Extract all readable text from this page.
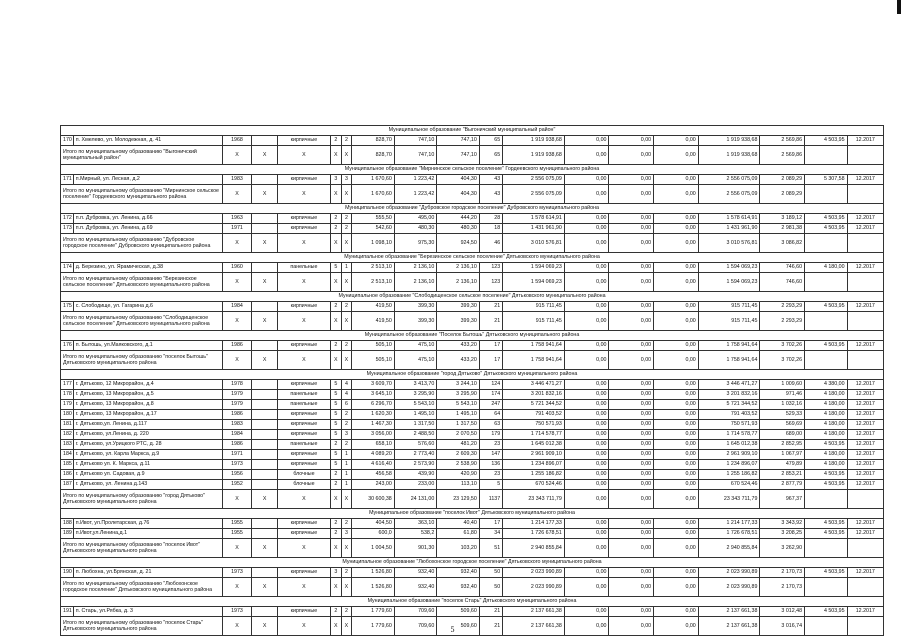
Муниципальное образование "Выгоничский муниципальный район"																		
170	п. Хмелево, ул. Молодежная, д. 41	1968		кирпичные	2	2	828,70	747,10	747,10	65	1 919 938,68	0,00	0,00	0,00	1 919 938,68	2 569,86	4 503,95	12.2017
Итого по муниципальному образованию "Выгоничский муниципальный район"		X	X	X	X	X	828,70	747,10	747,10	65	1 919 938,68	0,00	0,00	0,00	1 919 938,68	2 569,86		
Муниципальное образование "Мирнинское сельское поселение" Гордеевского муниципального района																		
171	п.Мирный, ул. Лесная, д.2	1983		кирпичные	3	3	1 670,60	1 223,42	404,30	43	2 556 075,09	0,00	0,00	0,00	2 556 075,09	2 089,29	5 307,58	12.2017
Итого по муниципальному образованию "Мирнинское сельское поселение" Гордеевского муниципального района		X	X	X	X	X	1 670,60	1 223,42	404,30	43	2 556 075,09	0,00	0,00	0,00	2 556 075,09	2 089,29		
Муниципальное образование "Дубровское городское поселение" Дубровского муниципального района																		
172	п.п. Дубровка, ул. Ленина, д.66	1963		кирпичные	2	2	555,50	495,00	444,20	28	1 578 614,91	0,00	0,00	0,00	1 578 614,91	3 189,12	4 503,95	12.2017
173	п.п. Дубровка, ул. Ленина, д.69	1971		кирпичные	2	2	542,60	480,30	480,30	18	1 431 961,90	0,00	0,00	0,00	1 431 961,90	2 981,38	4 503,95	12.2017
Итого по муниципальному образованию "Дубровское городское поселение" Дубровского муниципального района		X	X	X	X	X	1 098,10	975,30	924,50	46	3 010 576,81	0,00	0,00	0,00	3 010 576,81	3 086,82		
Муниципальное образование "Березинское сельское поселение" Дятьковского муниципального района																		
174	д. Березино, ул. Ярамическая, д.38	1960		панельные	5	1	2 513,10	2 136,10	2 136,10	123	1 594 069,23	0,00	0,00	0,00	1 594 069,23	746,60	4 180,00	12.2017
Итого по муниципальному образованию "Березинское сельское поселение" Дятьковского муниципального района		X	X	X	X	X	2 513,10	2 136,10	2 136,10	123	1 594 069,23	0,00	0,00	0,00	1 594 069,23	746,60		
Муниципальное образование "Слободищенское сельское поселение" Дятьковского муниципального района																		
175	с. Слободище, ул. Гагарина д.6	1984		кирпичные	2	2	419,50	399,30	399,30	21	915 711,45	0,00	0,00	0,00	915 711,45	2 293,29	4 503,95	12.2017
Итого по муниципальному образованию "Слободищенское сельское поселение" Дятьковского муниципального района		X	X	X	X	X	419,50	399,30	399,30	21	915 711,45	0,00	0,00	0,00	915 711,45	2 293,29		
Муниципальное образование "Поселок Бытошь" Дятьковского муниципального района																		
176	п. Бытошь, ул.Маяковского, д.1	1986		кирпичные	2	2	505,10	475,10	433,20	17	1 758 941,64	0,00	0,00	0,00	1 758 941,64	3 702,26	4 503,95	12.2017
Итого по муниципальному образованию "поселок Бытошь" Дятьковского муниципального района		X	X	X	X	X	505,10	475,10	433,20	17	1 758 941,64	0,00	0,00	0,00	1 758 941,64	3 702,26		
Муниципальное образование "город Дятьково" Дятьковского муниципального района																		
177	г. Дятьково, 12 Микрорайон, д.4	1978		кирпичные	5	4	3 609,70	3 413,70	3 244,10	124	3 446 471,27	0,00	0,00	0,00	3 446 471,27	1 009,60	4 380,00	12.2017
178	г. Дятьково, 13 Микрорайон, д.5	1979		панельные	5	4	3 645,10	3 295,90	3 295,90	174	3 201 832,16	0,00	0,00	0,00	3 201 832,16	971,46	4 180,00	12.2017
179	г. Дятьково, 13 Микрорайон, д.8	1979		панельные	5	6	6 296,70	5 543,10	5 543,10	247	5 721 344,52	0,00	0,00	0,00	5 721 344,52	1 032,16	4 180,00	12.2017
180	г. Дятьково, 13 Микрорайон, д.17	1986		кирпичные	5	2	1 620,30	1 495,10	1 495,10	64	791 403,52	0,00	0,00	0,00	791 403,52	529,33	4 180,00	12.2017
181	г. Дятьково,ул. Ленина, д.117	1983		кирпичные	5	2	1 467,30	1 317,50	1 317,50	63	750 571,93	0,00	0,00	0,00	750 571,93	569,69	4 180,00	12.2017
182	г. Дятьково, ул.Ленина, д. 220	1984		кирпичные	5	3	3 056,00	2 488,50	2 070,50	179	1 714 578,77	0,00	0,00	0,00	1 714 578,77	689,00	4 180,00	12.2017
183	г. Дятьково, ул.Урицкого РТС, д. 28	1986		панельные	2	2	658,10	576,60	481,20	23	1 645 012,38	0,00	0,00	0,00	1 645 012,38	2 852,95	4 503,95	12.2017
184	г. Дятьково, ул. Карла Маркса, д.9	1971		кирпичные	5	1	4 089,20	2 773,40	2 609,30	147	2 961 909,10	0,00	0,00	0,00	2 961 909,10	1 067,97	4 180,00	12.2017
185	г. Дятьково ул. К. Маркса, д.11	1973		кирпичные	5	1	4 616,40	2 573,90	2 538,90	136	1 234 896,07	0,00	0,00	0,00	1 234 896,07	479,89	4 180,00	12.2017
186	г. Дятьково ул. Садовая, д.9	1956		блочные	2	1	456,58	439,90	420,90	23	1 255 186,82	0,00	0,00	0,00	1 255 186,82	2 853,21	4 503,95	12.2017
187	г. Дятьково, ул. Ленина д.143	1952		блочные	2	1	243,00	233,00	113,10	5	670 524,46	0,00	0,00	0,00	670 524,46	2 877,79	4 503,95	12.2017
Итого по муниципальному образованию "город Дятьково" Дятьковского муниципального района		X	X	X	X	X	30 600,38	24 131,00	23 129,50	1137	23 343 711,79	0,00	0,00	0,00	23 343 711,79	967,37		
Муниципальное образование "поселок Ивот" Дятьковского муниципального района																		
188	п.Ивот, ул.Пролетарская, д.76	1955		кирпичные	2	2	404,50	363,10	40,40	17	1 214 177,33	0,00	0,00	0,00	1 214 177,33	3 343,92	4 503,95	12.2017
189	п.Ивот,ул.Ленина,д.1	1955		кирпичные	2	3	600,0	538,2	61,80	34	1 726 678,51	0,00	0,00	0,00	1 726 678,51	3 208,25	4 503,95	12.2017
Итого по муниципальному образованию "поселок Ивот" Дятьковского муниципального района		X	X	X	X	X	1 004,50	901,30	103,20	51	2 940 855,84	0,00	0,00	0,00	2 940 855,84	3 262,90		
Муниципальное образование "Любохонское городское поселение" Дятьковского муниципального района																		
190	п. Любохна, ул.Брянская, д. 21	1973		кирпичные	3	2	1 526,80	932,40	932,40	50	2 023 990,89	0,00	0,00	0,00	2 023 990,89	2 170,73	4 503,95	12.2017
Итого по муниципальному образованию "Любохонское городское поселение" Дятьковского муниципального района		X	X	X	X	X	1 526,80	932,40	932,40	50	2 023 990,89	0,00	0,00	0,00	2 023 990,89	2 170,73		
Муниципальное образование "поселок Старь" Дятьковского муниципального района																		
191	п. Старь, ул.Рябка, д. 3	1973		кирпичные	2	2	1 779,60	709,60	509,60	21	2 137 661,38	0,00	0,00	0,00	2 137 661,38	3 012,48	4 503,95	12.2017
Итого по муниципальному образованию "поселок Старь" Дятьковского муниципального района		X	X	X	X	X	1 779,60	709,60	509,60	21	2 137 661,38	0,00	0,00	0,00	2 137 661,38	3 016,74		
5
